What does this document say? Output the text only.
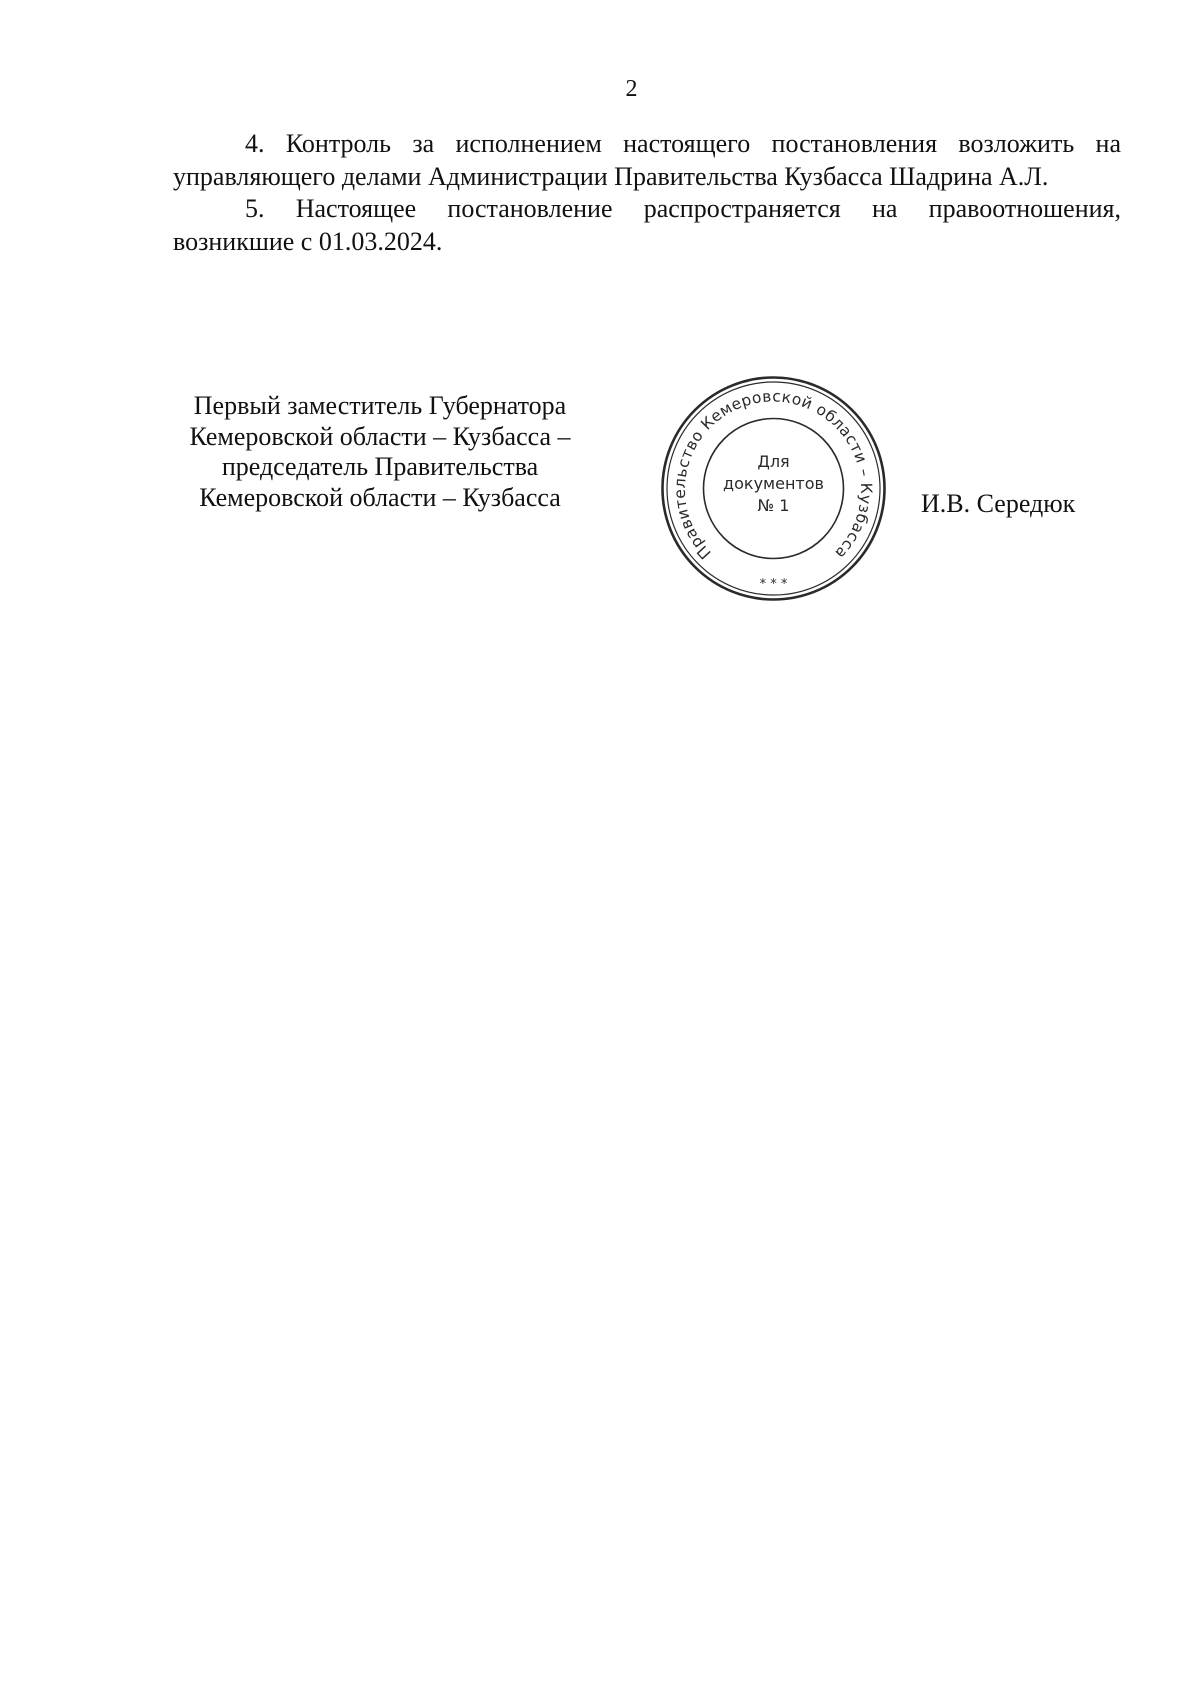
2

4. Контроль за исполнением настоящего постановления возложить на управляющего делами Администрации Правительства Кузбасса Шадрина А.Л.

5. Настоящее постановление распространяется на правоотношения, возникшие с 01.03.2024.

Первый заместитель Губернатора
Кемеровской области – Кузбасса –
председатель Правительства
Кемеровской области – Кузбасса
Правительство Кемеровской области – Кузбасса
* * *
Для
документов
№ 1	И.В. Середюк
